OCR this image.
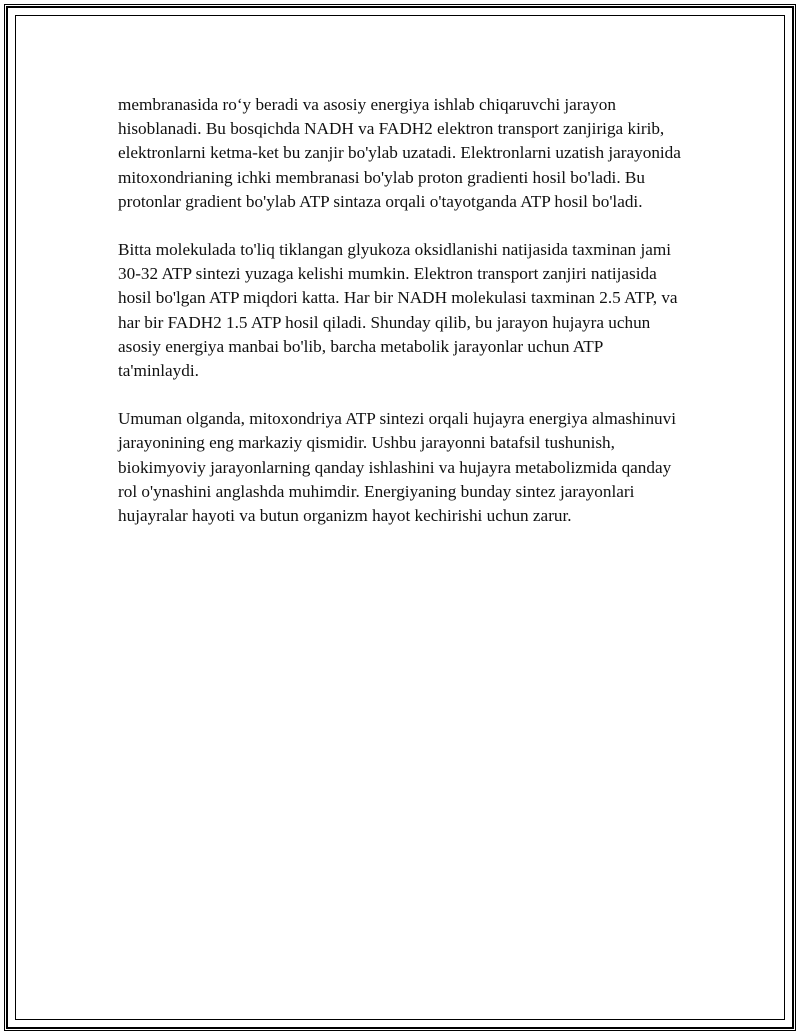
membranasida ro‘y beradi va asosiy energiya ishlab chiqaruvchi jarayon hisoblanadi. Bu bosqichda NADH va FADH2 elektron transport zanjiriga kirib, elektronlarni ketma-ket bu zanjir bo'ylab uzatadi. Elektronlarni uzatish jarayonida mitoxondrianing ichki membranasi bo'ylab proton gradienti hosil bo'ladi. Bu protonlar gradient bo'ylab ATP sintaza orqali o'tayotganda ATP hosil bo'ladi.

Bitta molekulada to'liq tiklangan glyukoza oksidlanishi natijasida taxminan jami 30-32 ATP sintezi yuzaga kelishi mumkin. Elektron transport zanjiri natijasida hosil bo'lgan ATP miqdori katta. Har bir NADH molekulasi taxminan 2.5 ATP, va har bir FADH2 1.5 ATP hosil qiladi. Shunday qilib, bu jarayon hujayra uchun asosiy energiya manbai bo'lib, barcha metabolik jarayonlar uchun ATP ta'minlaydi.

Umuman olganda, mitoxondriya ATP sintezi orqali hujayra energiya almashinuvi jarayonining eng markaziy qismidir. Ushbu jarayonni batafsil tushunish, biokimyoviy jarayonlarning qanday ishlashini va hujayra metabolizmida qanday rol o'ynashini anglashda muhimdir. Energiyaning bunday sintez jarayonlari hujayralar hayoti va butun organizm hayot kechirishi uchun zarur.
